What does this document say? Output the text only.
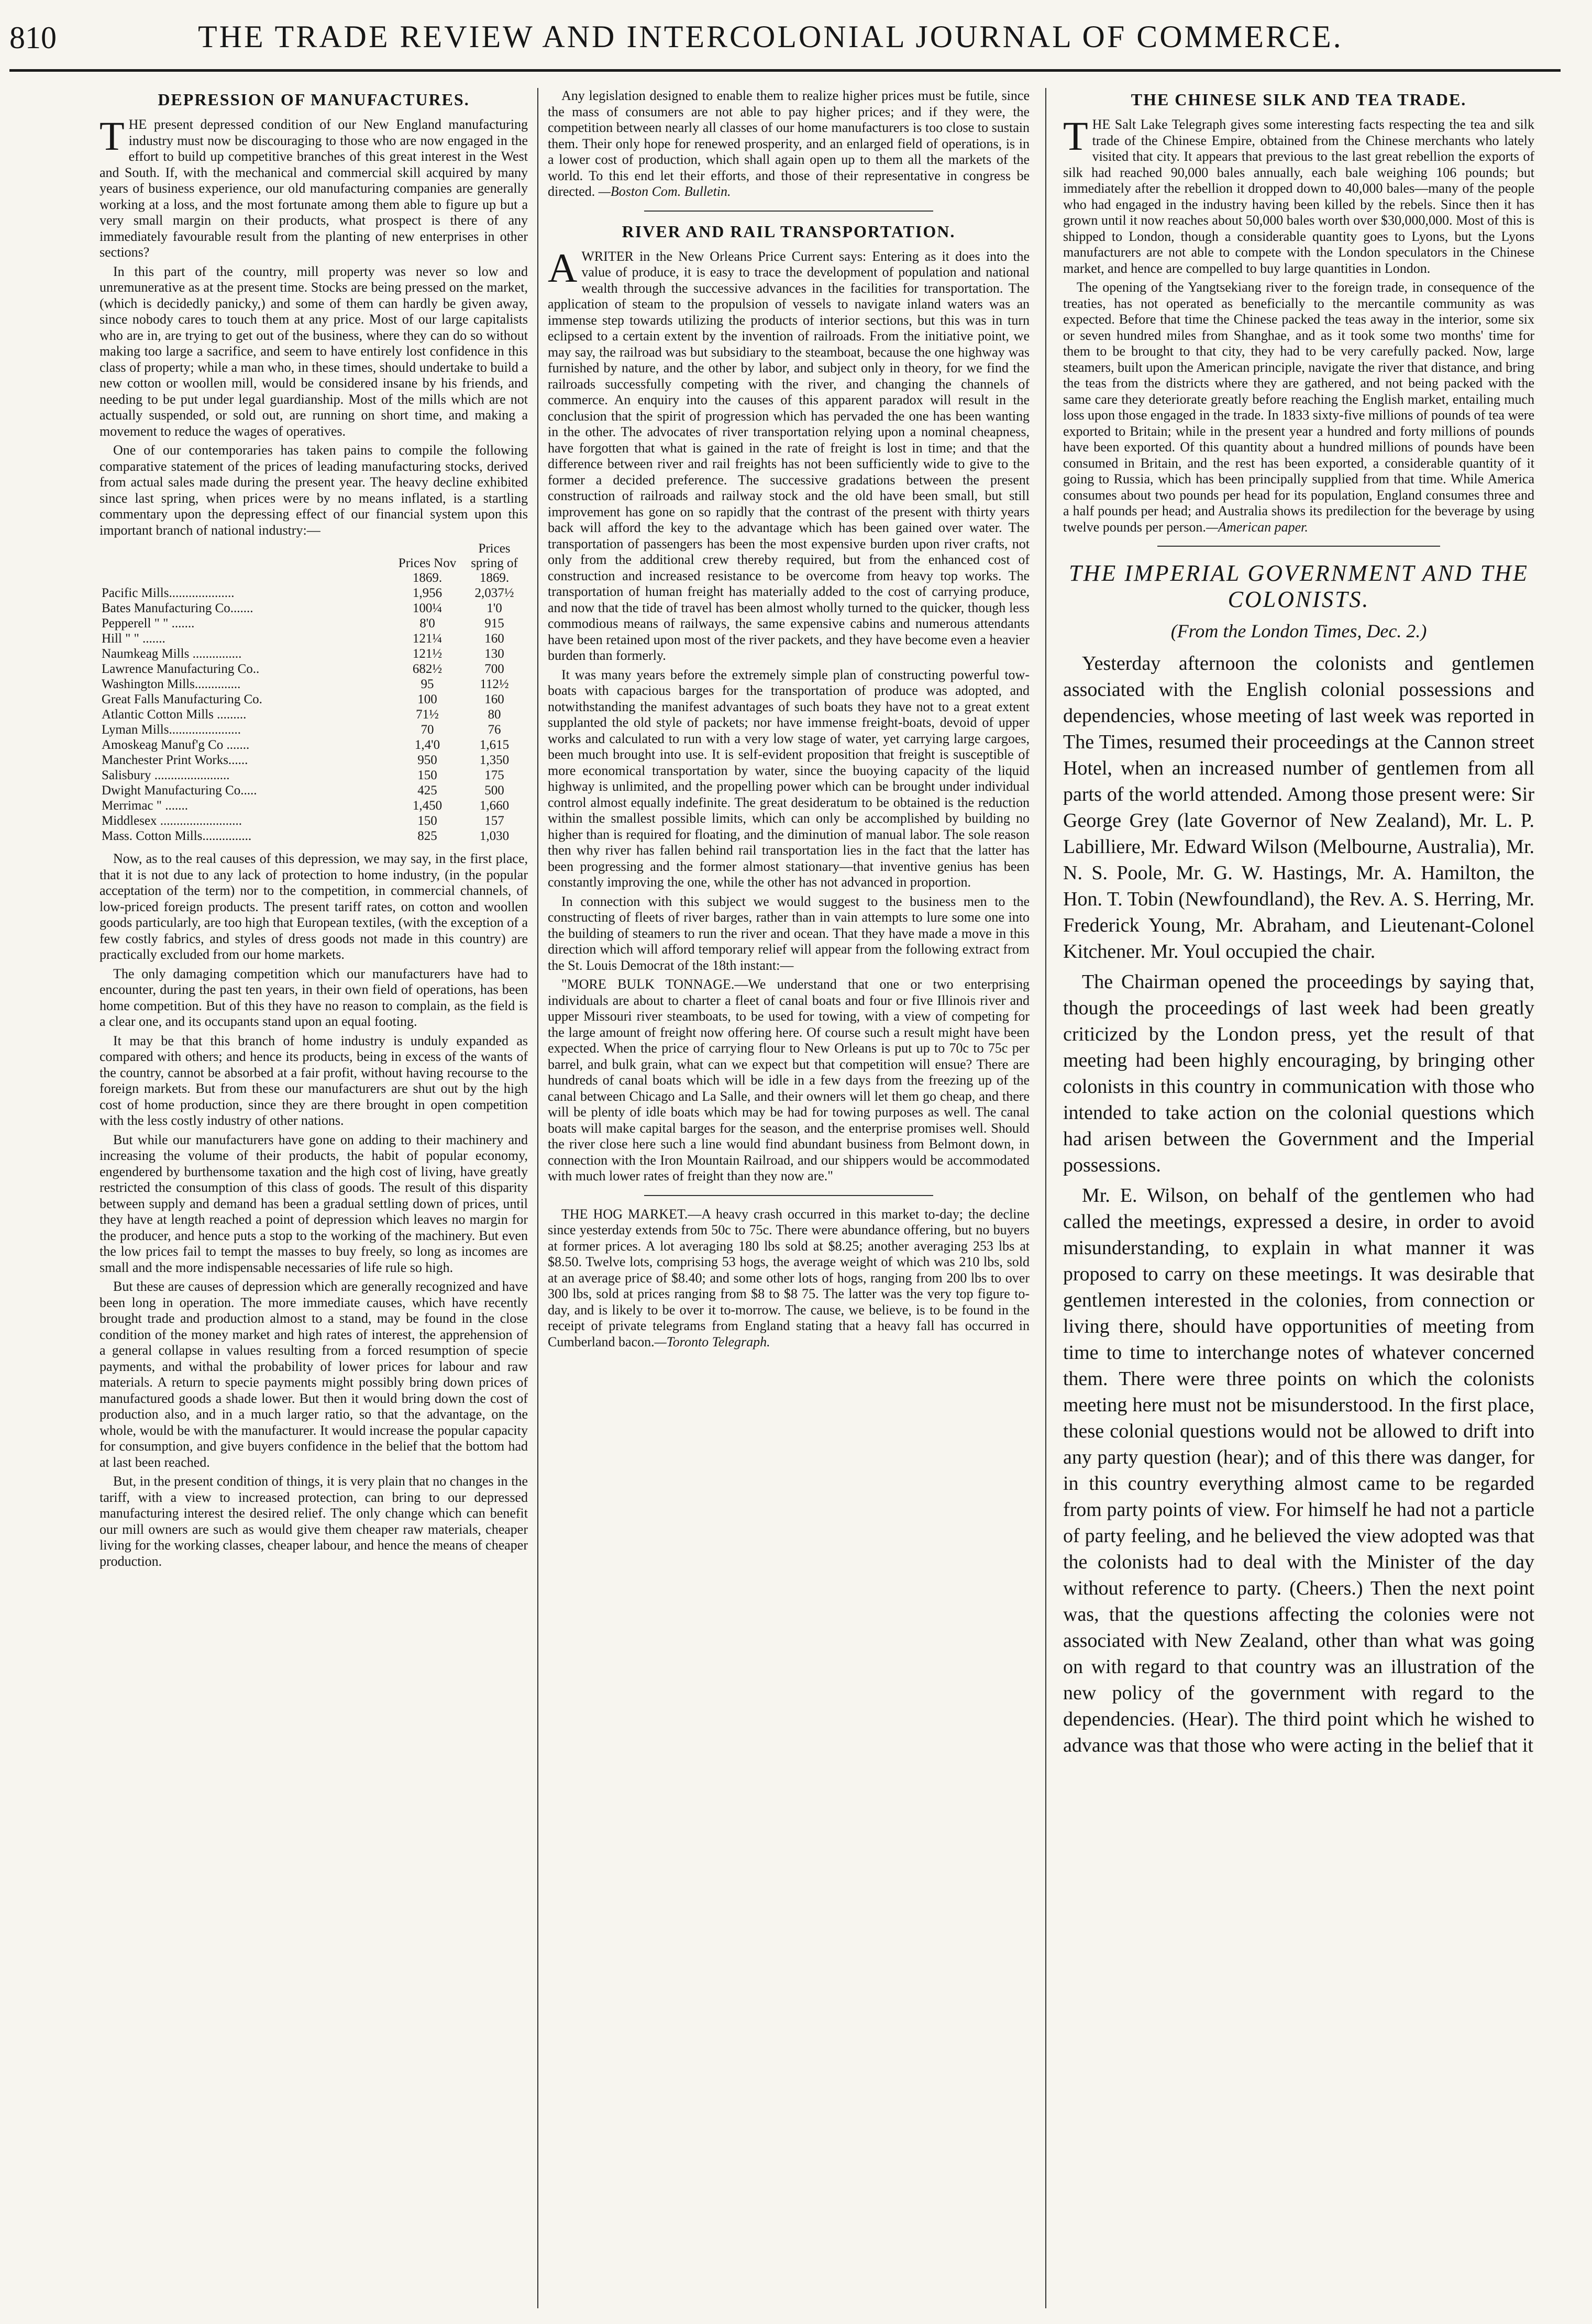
810	THE TRADE REVIEW AND INTERCOLONIAL JOURNAL OF COMMERCE.
DEPRESSION OF MANUFACTURES.

THE present depressed condition of our New England manufacturing industry must now be discouraging to those who are now engaged in the effort to build up competitive branches of this great interest in the West and South. If, with the mechanical and commercial skill acquired by many years of business experience, our old manufacturing companies are generally working at a loss, and the most fortunate among them able to figure up but a very small margin on their products, what prospect is there of any immediately favourable result from the planting of new enterprises in other sections?

In this part of the country, mill property was never so low and unremunerative as at the present time. Stocks are being pressed on the market, (which is decidedly panicky,) and some of them can hardly be given away, since nobody cares to touch them at any price. Most of our large capitalists who are in, are trying to get out of the business, where they can do so without making too large a sacrifice, and seem to have entirely lost confidence in this class of property; while a man who, in these times, should undertake to build a new cotton or woollen mill, would be considered insane by his friends, and needing to be put under legal guardianship. Most of the mills which are not actually suspended, or sold out, are running on short time, and making a movement to reduce the wages of operatives.

One of our contemporaries has taken pains to compile the following comparative statement of the prices of leading manufacturing stocks, derived from actual sales made during the present year. The heavy decline exhibited since last spring, when prices were by no means inflated, is a startling commentary upon the depressing effect of our financial system upon this important branch of national industry:—

	Prices Nov 1869.	Prices spring of 1869.
Pacific Mills....................	1,956	2,037½
Bates Manufacturing Co.......	100¼	1'0
Pepperell " " .......	8'0	915
Hill " " .......	121¼	160
Naumkeag Mills ...............	121½	130
Lawrence Manufacturing Co..	682½	700
Washington Mills..............	95	112½
Great Falls Manufacturing Co.	100	160
Atlantic Cotton Mills .........	71½	80
Lyman Mills......................	70	76
Amoskeag Manuf'g Co .......	1,4'0	1,615
Manchester Print Works......	950	1,350
Salisbury .......................	150	175
Dwight Manufacturing Co.....	425	500
Merrimac " .......	1,450	1,660
Middlesex .........................	150	157
Mass. Cotton Mills...............	825	1,030

Now, as to the real causes of this depression, we may say, in the first place, that it is not due to any lack of protection to home industry, (in the popular acceptation of the term) nor to the competition, in commercial channels, of low-priced foreign products. The present tariff rates, on cotton and woollen goods particularly, are too high that European textiles, (with the exception of a few costly fabrics, and styles of dress goods not made in this country) are practically excluded from our home markets.

The only damaging competition which our manufacturers have had to encounter, during the past ten years, in their own field of operations, has been home competition. But of this they have no reason to complain, as the field is a clear one, and its occupants stand upon an equal footing.

It may be that this branch of home industry is unduly expanded as compared with others; and hence its products, being in excess of the wants of the country, cannot be absorbed at a fair profit, without having recourse to the foreign markets. But from these our manufacturers are shut out by the high cost of home production, since they are there brought in open competition with the less costly industry of other nations.

But while our manufacturers have gone on adding to their machinery and increasing the volume of their products, the habit of popular economy, engendered by burthensome taxation and the high cost of living, have greatly restricted the consumption of this class of goods. The result of this disparity between supply and demand has been a gradual settling down of prices, until they have at length reached a point of depression which leaves no margin for the producer, and hence puts a stop to the working of the machinery. But even the low prices fail to tempt the masses to buy freely, so long as incomes are small and the more indispensable necessaries of life rule so high.

But these are causes of depression which are generally recognized and have been long in operation. The more immediate causes, which have recently brought trade and production almost to a stand, may be found in the close condition of the money market and high rates of interest, the apprehension of a general collapse in values resulting from a forced resumption of specie payments, and withal the probability of lower prices for labour and raw materials. A return to specie payments might possibly bring down prices of manufactured goods a shade lower. But then it would bring down the cost of production also, and in a much larger ratio, so that the advantage, on the whole, would be with the manufacturer. It would increase the popular capacity for consumption, and give buyers confidence in the belief that the bottom had at last been reached.

But, in the present condition of things, it is very plain that no changes in the tariff, with a view to increased protection, can bring to our depressed manufacturing interest the desired relief. The only change which can benefit our mill owners are such as would give them cheaper raw materials, cheaper living for the working classes, cheaper labour, and hence the means of cheaper production.

Any legislation designed to enable them to realize higher prices must be futile, since the mass of consumers are not able to pay higher prices; and if they were, the competition between nearly all classes of our home manufacturers is too close to sustain them. Their only hope for renewed prosperity, and an enlarged field of operations, is in a lower cost of production, which shall again open up to them all the markets of the world. To this end let their efforts, and those of their representative in congress be directed. —Boston Com. Bulletin.

RIVER AND RAIL TRANSPORTATION.

AWRITER in the New Orleans Price Current says: Entering as it does into the value of produce, it is easy to trace the development of population and national wealth through the successive advances in the facilities for transportation. The application of steam to the propulsion of vessels to navigate inland waters was an immense step towards utilizing the products of interior sections, but this was in turn eclipsed to a certain extent by the invention of railroads. From the initiative point, we may say, the railroad was but subsidiary to the steamboat, because the one highway was furnished by nature, and the other by labor, and subject only in theory, for we find the railroads successfully competing with the river, and changing the channels of commerce. An enquiry into the causes of this apparent paradox will result in the conclusion that the spirit of progression which has pervaded the one has been wanting in the other. The advocates of river transportation relying upon a nominal cheapness, have forgotten that what is gained in the rate of freight is lost in time; and that the difference between river and rail freights has not been sufficiently wide to give to the former a decided preference. The successive gradations between the present construction of railroads and railway stock and the old have been small, but still improvement has gone on so rapidly that the contrast of the present with thirty years back will afford the key to the advantage which has been gained over water. The transportation of passengers has been the most expensive burden upon river crafts, not only from the additional crew thereby required, but from the enhanced cost of construction and increased resistance to be overcome from heavy top works. The transportation of human freight has materially added to the cost of carrying produce, and now that the tide of travel has been almost wholly turned to the quicker, though less commodious means of railways, the same expensive cabins and numerous attendants have been retained upon most of the river packets, and they have become even a heavier burden than formerly.

It was many years before the extremely simple plan of constructing powerful tow-boats with capacious barges for the transportation of produce was adopted, and notwithstanding the manifest advantages of such boats they have not to a great extent supplanted the old style of packets; nor have immense freight-boats, devoid of upper works and calculated to run with a very low stage of water, yet carrying large cargoes, been much brought into use. It is self-evident proposition that freight is susceptible of more economical transportation by water, since the buoying capacity of the liquid highway is unlimited, and the propelling power which can be brought under individual control almost equally indefinite. The great desideratum to be obtained is the reduction within the smallest possible limits, which can only be accomplished by building no higher than is required for floating, and the diminution of manual labor. The sole reason then why river has fallen behind rail transportation lies in the fact that the latter has been progressing and the former almost stationary—that inventive genius has been constantly improving the one, while the other has not advanced in proportion.

In connection with this subject we would suggest to the business men to the constructing of fleets of river barges, rather than in vain attempts to lure some one into the building of steamers to run the river and ocean. That they have made a move in this direction which will afford temporary relief will appear from the following extract from the St. Louis Democrat of the 18th instant:—

"MORE BULK TONNAGE.—We understand that one or two enterprising individuals are about to charter a fleet of canal boats and four or five Illinois river and upper Missouri river steamboats, to be used for towing, with a view of competing for the large amount of freight now offering here. Of course such a result might have been expected. When the price of carrying flour to New Orleans is put up to 70c to 75c per barrel, and bulk grain, what can we expect but that competition will ensue? There are hundreds of canal boats which will be idle in a few days from the freezing up of the canal between Chicago and La Salle, and their owners will let them go cheap, and there will be plenty of idle boats which may be had for towing purposes as well. The canal boats will make capital barges for the season, and the enterprise promises well. Should the river close here such a line would find abundant business from Belmont down, in connection with the Iron Mountain Railroad, and our shippers would be accommodated with much lower rates of freight than they now are."

THE HOG MARKET.—A heavy crash occurred in this market to-day; the decline since yesterday extends from 50c to 75c. There were abundance offering, but no buyers at former prices. A lot averaging 180 lbs sold at $8.25; another averaging 253 lbs at $8.50. Twelve lots, comprising 53 hogs, the average weight of which was 210 lbs, sold at an average price of $8.40; and some other lots of hogs, ranging from 200 lbs to over 300 lbs, sold at prices ranging from $8 to $8 75. The latter was the very top figure to-day, and is likely to be over it to-morrow. The cause, we believe, is to be found in the receipt of private telegrams from England stating that a heavy fall has occurred in Cumberland bacon.—Toronto Telegraph.

THE CHINESE SILK AND TEA TRADE.

THE Salt Lake Telegraph gives some interesting facts respecting the tea and silk trade of the Chinese Empire, obtained from the Chinese merchants who lately visited that city. It appears that previous to the last great rebellion the exports of silk had reached 90,000 bales annually, each bale weighing 106 pounds; but immediately after the rebellion it dropped down to 40,000 bales—many of the people who had engaged in the industry having been killed by the rebels. Since then it has grown until it now reaches about 50,000 bales worth over $30,000,000. Most of this is shipped to London, though a considerable quantity goes to Lyons, but the Lyons manufacturers are not able to compete with the London speculators in the Chinese market, and hence are compelled to buy large quantities in London.

The opening of the Yangtsekiang river to the foreign trade, in consequence of the treaties, has not operated as beneficially to the mercantile community as was expected. Before that time the Chinese packed the teas away in the interior, some six or seven hundred miles from Shanghae, and as it took some two months' time for them to be brought to that city, they had to be very carefully packed. Now, large steamers, built upon the American principle, navigate the river that distance, and bring the teas from the districts where they are gathered, and not being packed with the same care they deteriorate greatly before reaching the English market, entailing much loss upon those engaged in the trade. In 1833 sixty-five millions of pounds of tea were exported to Britain; while in the present year a hundred and forty millions of pounds have been exported. Of this quantity about a hundred millions of pounds have been consumed in Britain, and the rest has been exported, a considerable quantity of it going to Russia, which has been principally supplied from that time. While America consumes about two pounds per head for its population, England consumes three and a half pounds per head; and Australia shows its predilection for the beverage by using twelve pounds per person.—American paper.

THE IMPERIAL GOVERNMENT AND THE COLONISTS.
(From the London Times, Dec. 2.)

Yesterday afternoon the colonists and gentlemen associated with the English colonial possessions and dependencies, whose meeting of last week was reported in The Times, resumed their proceedings at the Cannon street Hotel, when an increased number of gentlemen from all parts of the world attended. Among those present were: Sir George Grey (late Governor of New Zealand), Mr. L. P. Labilliere, Mr. Edward Wilson (Melbourne, Australia), Mr. N. S. Poole, Mr. G. W. Hastings, Mr. A. Hamilton, the Hon. T. Tobin (Newfoundland), the Rev. A. S. Herring, Mr. Frederick Young, Mr. Abraham, and Lieutenant-Colonel Kitchener. Mr. Youl occupied the chair.

The Chairman opened the proceedings by saying that, though the proceedings of last week had been greatly criticized by the London press, yet the result of that meeting had been highly encouraging, by bringing other colonists in this country in communication with those who intended to take action on the colonial questions which had arisen between the Government and the Imperial possessions.

Mr. E. Wilson, on behalf of the gentlemen who had called the meetings, expressed a desire, in order to avoid misunderstanding, to explain in what manner it was proposed to carry on these meetings. It was desirable that gentlemen interested in the colonies, from connection or living there, should have opportunities of meeting from time to time to interchange notes of whatever concerned them. There were three points on which the colonists meeting here must not be misunderstood. In the first place, these colonial questions would not be allowed to drift into any party question (hear); and of this there was danger, for in this country everything almost came to be regarded from party points of view. For himself he had not a particle of party feeling, and he believed the view adopted was that the colonists had to deal with the Minister of the day without reference to party. (Cheers.) Then the next point was, that the questions affecting the colonies were not associated with New Zealand, other than what was going on with regard to that country was an illustration of the new policy of the government with regard to the dependencies. (Hear). The third point which he wished to advance was that those who were acting in the belief that it
